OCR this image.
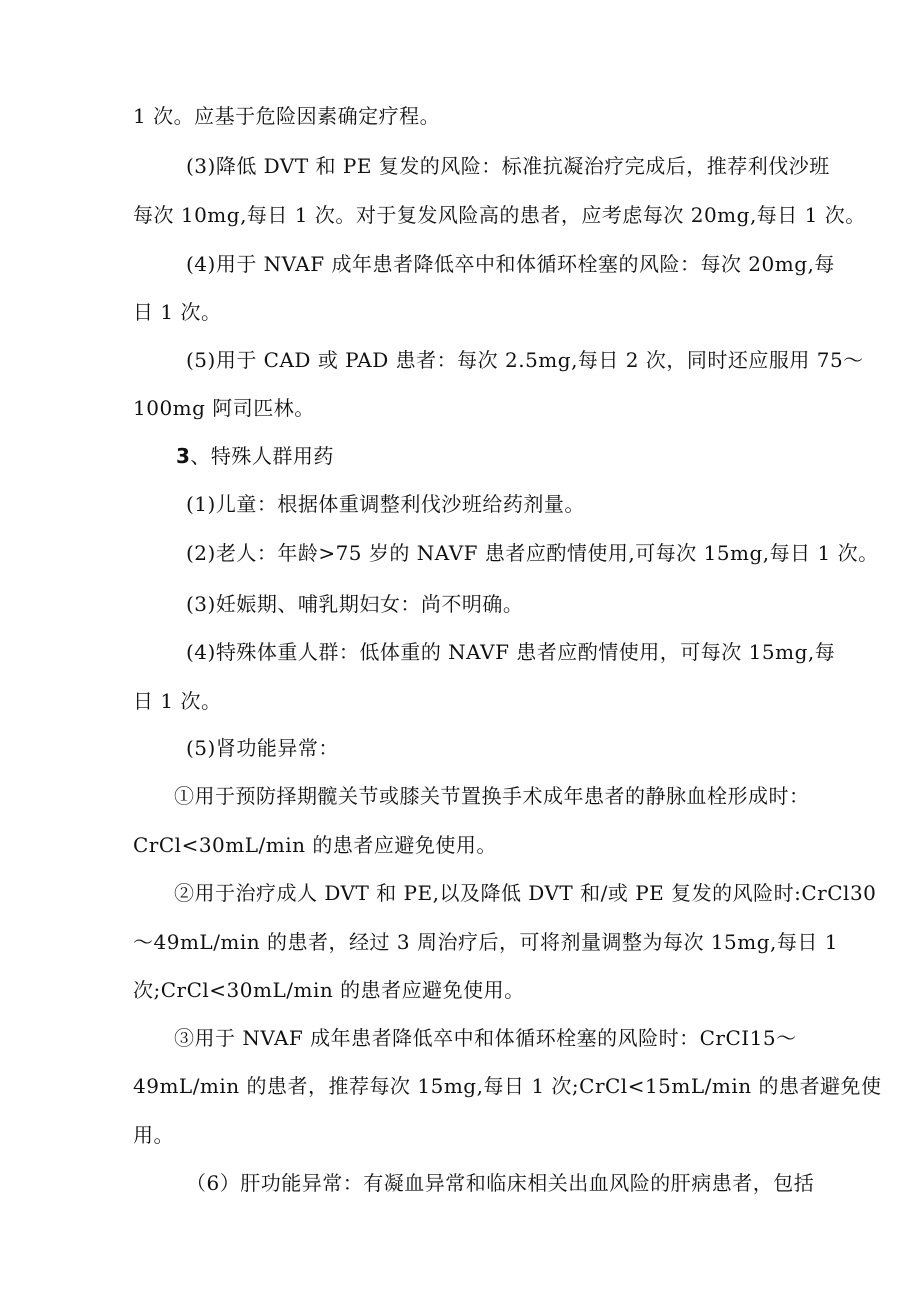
1 次。应基于危险因素确定疗程。
(3)降低 DVT 和 PE 复发的风险：标准抗凝治疗完成后，推荐利伐沙班
每次 10mg,每日 1 次。对于复发风险高的患者，应考虑每次 20mg,每日 1 次。
(4)用于 NVAF 成年患者降低卒中和体循环栓塞的风险：每次 20mg,每
日 1 次。
(5)用于 CAD 或 PAD 患者：每次 2.5mg,每日 2 次，同时还应服用 75～
100mg 阿司匹林。
3、特殊人群用药
(1)儿童：根据体重调整利伐沙班给药剂量。
(2)老人：年龄>75 岁的 NAVF 患者应酌情使用,可每次 15mg,每日 1 次。
(3)妊娠期、哺乳期妇女：尚不明确。
(4)特殊体重人群：低体重的 NAVF 患者应酌情使用，可每次 15mg,每
日 1 次。
(5)肾功能异常：
①用于预防择期髋关节或膝关节置换手术成年患者的静脉血栓形成时：
CrCl<30mL/min 的患者应避免使用。
②用于治疗成人 DVT 和 PE,以及降低 DVT 和/或 PE 复发的风险时:CrCl30
～49mL/min 的患者，经过 3 周治疗后，可将剂量调整为每次 15mg,每日 1
次;CrCl<30mL/min 的患者应避免使用。
③用于 NVAF 成年患者降低卒中和体循环栓塞的风险时：CrCI15～
49mL/min 的患者，推荐每次 15mg,每日 1 次;CrCl<15mL/min 的患者避免使
用。
（6）肝功能异常：有凝血异常和临床相关出血风险的肝病患者，包括
